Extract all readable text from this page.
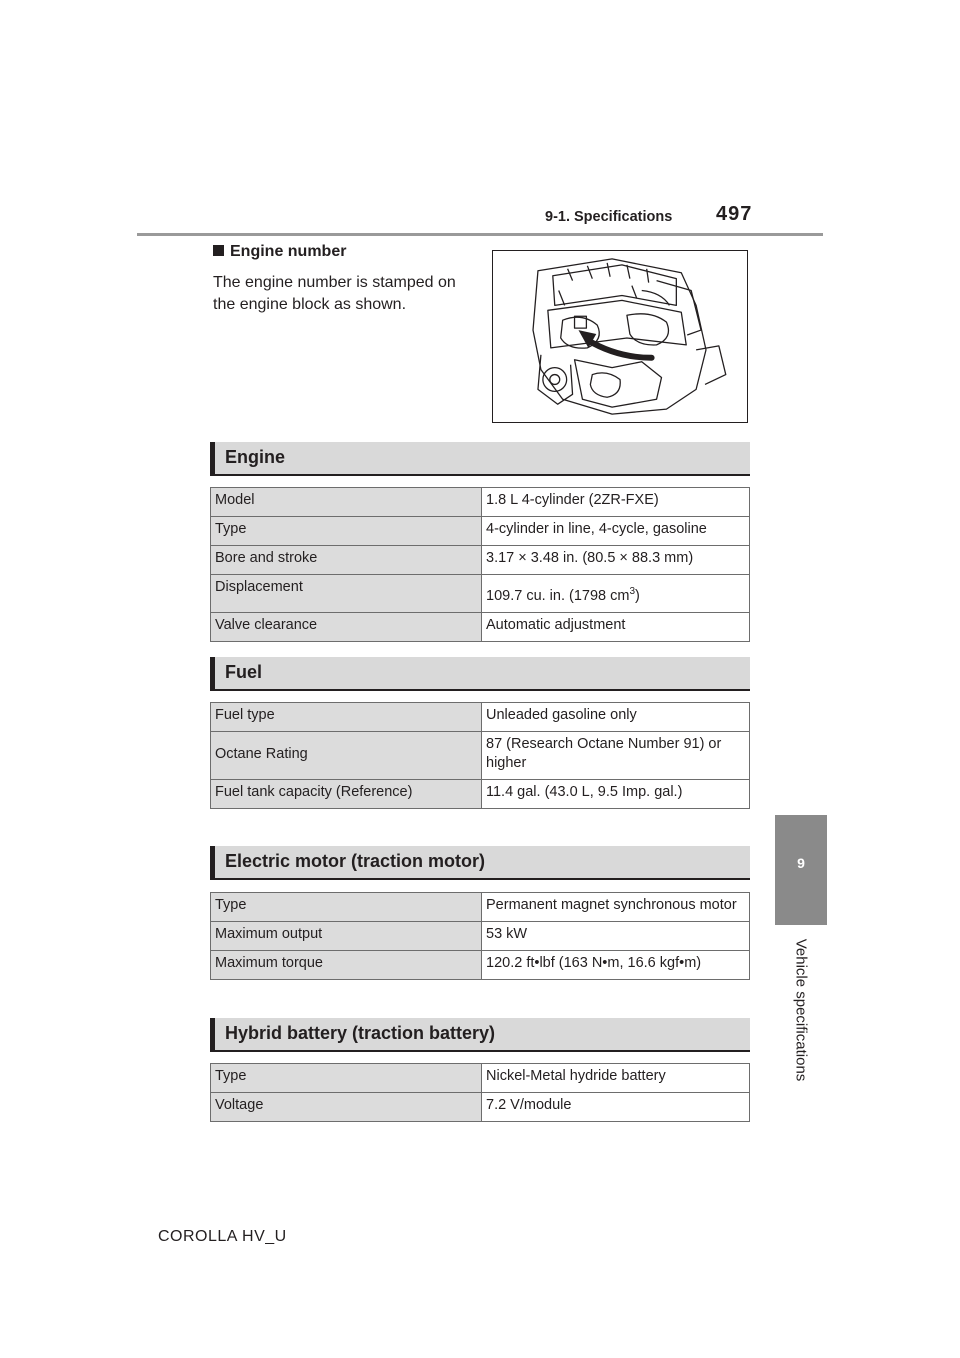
9-1. Specifications 497
9
Vehicle specifications
Engine number
The engine number is stamped on the engine block as shown.
Engine
Model	1.8 L 4-cylinder (2ZR-FXE)
Type	4-cylinder in line, 4-cycle, gasoline
Bore and stroke	3.17 × 3.48 in. (80.5 × 88.3 mm)
Displacement	109.7 cu. in. (1798 $cm^3$)
Valve clearance	Automatic adjustment
Fuel
Fuel type	Unleaded gasoline only
Octane Rating	87 (Research Octane Number 91) or higher
Fuel tank capacity (Reference)	11.4 gal. (43.0 L, 9.5 Imp. gal.)
Electric motor (traction motor)
Type	Permanent magnet synchronous motor
Maximum output	53 kW
Maximum torque	120.2 ft•lbf (163 N•m, 16.6 kgf•m)
Hybrid battery (traction battery)
Type	Nickel-Metal hydride battery
Voltage	7.2 V/module
COROLLA HV_U
